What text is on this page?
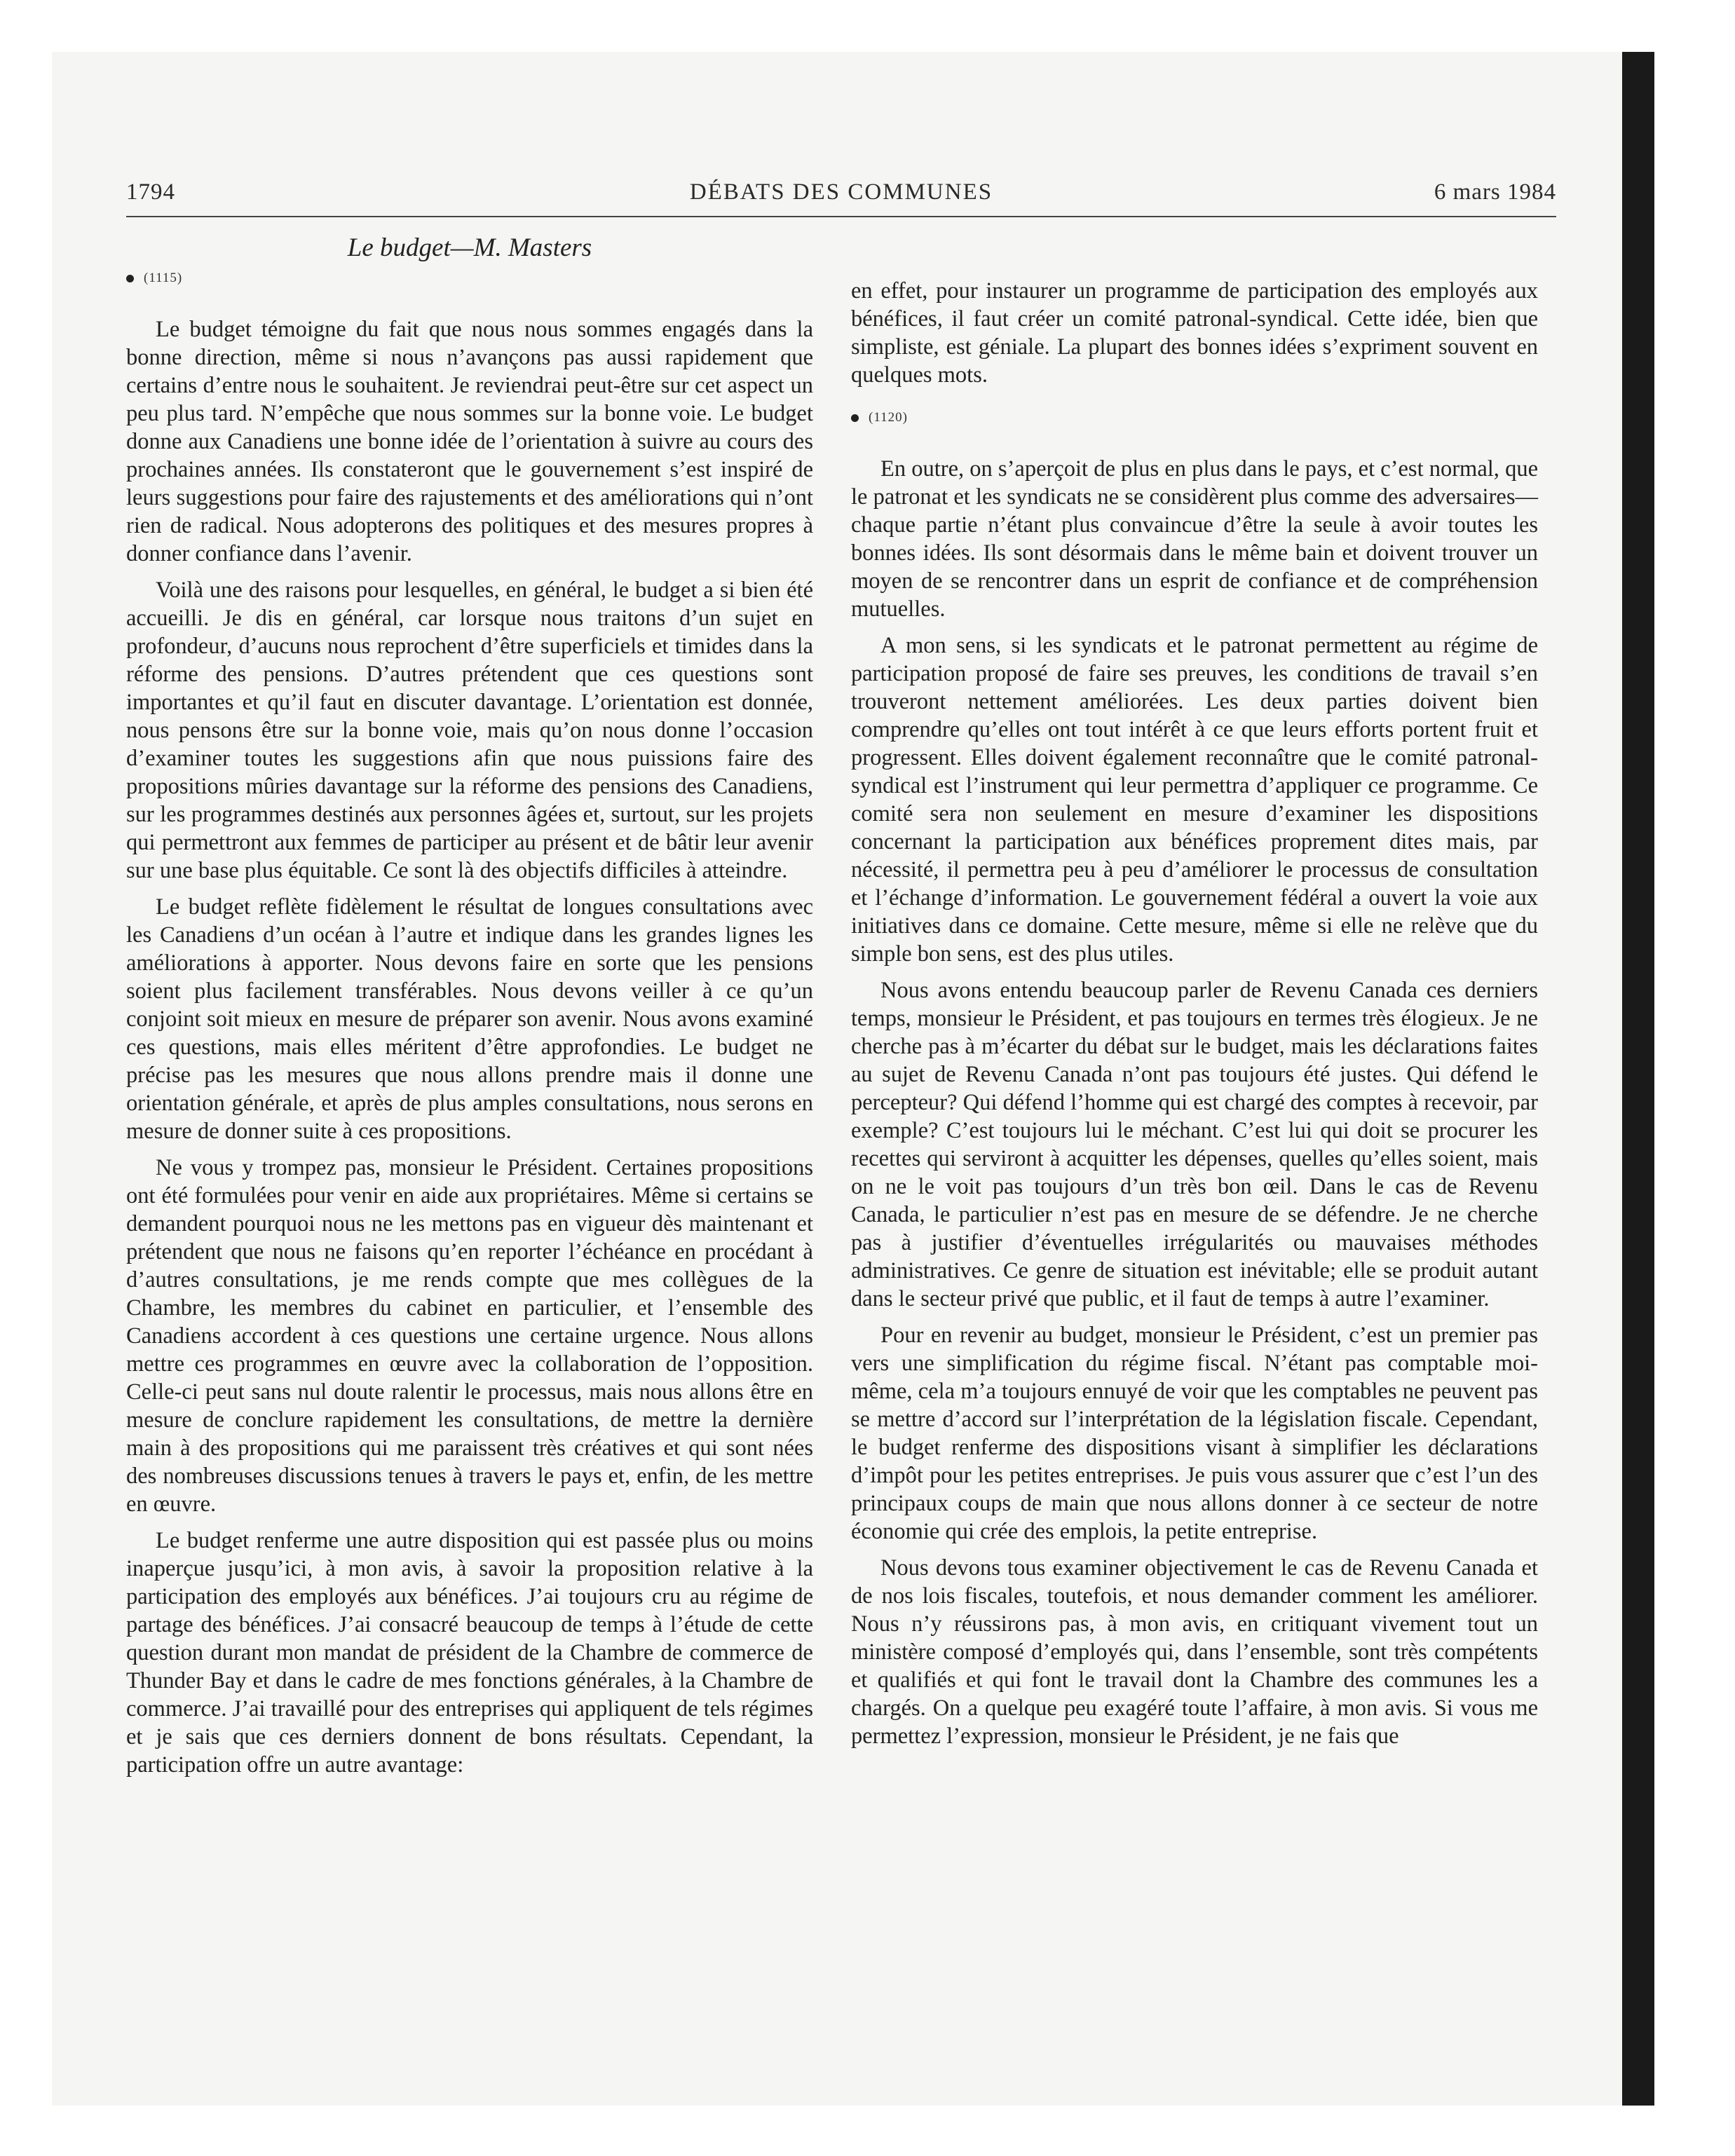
1794	DÉBATS DES COMMUNES	6 mars 1984
Le budget—M. Masters
(1115)

Le budget témoigne du fait que nous nous sommes engagés dans la bonne direction, même si nous n’avançons pas aussi rapidement que certains d’entre nous le souhaitent. Je reviendrai peut-être sur cet aspect un peu plus tard. N’empêche que nous sommes sur la bonne voie. Le budget donne aux Canadiens une bonne idée de l’orientation à suivre au cours des prochaines années. Ils constateront que le gouvernement s’est inspiré de leurs suggestions pour faire des rajustements et des améliorations qui n’ont rien de radical. Nous adopterons des politiques et des mesures propres à donner confiance dans l’avenir.

Voilà une des raisons pour lesquelles, en général, le budget a si bien été accueilli. Je dis en général, car lorsque nous traitons d’un sujet en profondeur, d’aucuns nous reprochent d’être superficiels et timides dans la réforme des pensions. D’autres prétendent que ces questions sont importantes et qu’il faut en discuter davantage. L’orientation est donnée, nous pensons être sur la bonne voie, mais qu’on nous donne l’occasion d’examiner toutes les suggestions afin que nous puissions faire des propositions mûries davantage sur la réforme des pensions des Canadiens, sur les programmes destinés aux personnes âgées et, surtout, sur les projets qui permettront aux femmes de participer au présent et de bâtir leur avenir sur une base plus équitable. Ce sont là des objectifs difficiles à atteindre.

Le budget reflète fidèlement le résultat de longues consultations avec les Canadiens d’un océan à l’autre et indique dans les grandes lignes les améliorations à apporter. Nous devons faire en sorte que les pensions soient plus facilement transférables. Nous devons veiller à ce qu’un conjoint soit mieux en mesure de préparer son avenir. Nous avons examiné ces questions, mais elles méritent d’être approfondies. Le budget ne précise pas les mesures que nous allons prendre mais il donne une orientation générale, et après de plus amples consultations, nous serons en mesure de donner suite à ces propositions.

Ne vous y trompez pas, monsieur le Président. Certaines propositions ont été formulées pour venir en aide aux propriétaires. Même si certains se demandent pourquoi nous ne les mettons pas en vigueur dès maintenant et prétendent que nous ne faisons qu’en reporter l’échéance en procédant à d’autres consultations, je me rends compte que mes collègues de la Chambre, les membres du cabinet en particulier, et l’ensemble des Canadiens accordent à ces questions une certaine urgence. Nous allons mettre ces programmes en œuvre avec la collaboration de l’opposition. Celle-ci peut sans nul doute ralentir le processus, mais nous allons être en mesure de conclure rapidement les consultations, de mettre la dernière main à des propositions qui me paraissent très créatives et qui sont nées des nombreuses discussions tenues à travers le pays et, enfin, de les mettre en œuvre.

Le budget renferme une autre disposition qui est passée plus ou moins inaperçue jusqu’ici, à mon avis, à savoir la proposition relative à la participation des employés aux bénéfices. J’ai toujours cru au régime de partage des bénéfices. J’ai consacré beaucoup de temps à l’étude de cette question durant mon mandat de président de la Chambre de commerce de Thunder Bay et dans le cadre de mes fonctions générales, à la Chambre de commerce. J’ai travaillé pour des entreprises qui appliquent de tels régimes et je sais que ces derniers donnent de bons résultats. Cependant, la participation offre un autre avantage:

en effet, pour instaurer un programme de participation des employés aux bénéfices, il faut créer un comité patronal-syndical. Cette idée, bien que simpliste, est géniale. La plupart des bonnes idées s’expriment souvent en quelques mots.

(1120)

En outre, on s’aperçoit de plus en plus dans le pays, et c’est normal, que le patronat et les syndicats ne se considèrent plus comme des adversaires—chaque partie n’étant plus convaincue d’être la seule à avoir toutes les bonnes idées. Ils sont désormais dans le même bain et doivent trouver un moyen de se rencontrer dans un esprit de confiance et de compréhension mutuelles.

A mon sens, si les syndicats et le patronat permettent au régime de participation proposé de faire ses preuves, les conditions de travail s’en trouveront nettement améliorées. Les deux parties doivent bien comprendre qu’elles ont tout intérêt à ce que leurs efforts portent fruit et progressent. Elles doivent également reconnaître que le comité patronal-syndical est l’instrument qui leur permettra d’appliquer ce programme. Ce comité sera non seulement en mesure d’examiner les dispositions concernant la participation aux bénéfices proprement dites mais, par nécessité, il permettra peu à peu d’améliorer le processus de consultation et l’échange d’information. Le gouvernement fédéral a ouvert la voie aux initiatives dans ce domaine. Cette mesure, même si elle ne relève que du simple bon sens, est des plus utiles.

Nous avons entendu beaucoup parler de Revenu Canada ces derniers temps, monsieur le Président, et pas toujours en termes très élogieux. Je ne cherche pas à m’écarter du débat sur le budget, mais les déclarations faites au sujet de Revenu Canada n’ont pas toujours été justes. Qui défend le percepteur? Qui défend l’homme qui est chargé des comptes à recevoir, par exemple? C’est toujours lui le méchant. C’est lui qui doit se procurer les recettes qui serviront à acquitter les dépenses, quelles qu’elles soient, mais on ne le voit pas toujours d’un très bon œil. Dans le cas de Revenu Canada, le particulier n’est pas en mesure de se défendre. Je ne cherche pas à justifier d’éventuelles irrégularités ou mauvaises méthodes administratives. Ce genre de situation est inévitable; elle se produit autant dans le secteur privé que public, et il faut de temps à autre l’examiner.

Pour en revenir au budget, monsieur le Président, c’est un premier pas vers une simplification du régime fiscal. N’étant pas comptable moi-même, cela m’a toujours ennuyé de voir que les comptables ne peuvent pas se mettre d’accord sur l’interprétation de la législation fiscale. Cependant, le budget renferme des dispositions visant à simplifier les déclarations d’impôt pour les petites entreprises. Je puis vous assurer que c’est l’un des principaux coups de main que nous allons donner à ce secteur de notre économie qui crée des emplois, la petite entreprise.

Nous devons tous examiner objectivement le cas de Revenu Canada et de nos lois fiscales, toutefois, et nous demander comment les améliorer. Nous n’y réussirons pas, à mon avis, en critiquant vivement tout un ministère composé d’employés qui, dans l’ensemble, sont très compétents et qualifiés et qui font le travail dont la Chambre des communes les a chargés. On a quelque peu exagéré toute l’affaire, à mon avis. Si vous me permettez l’expression, monsieur le Président, je ne fais que
